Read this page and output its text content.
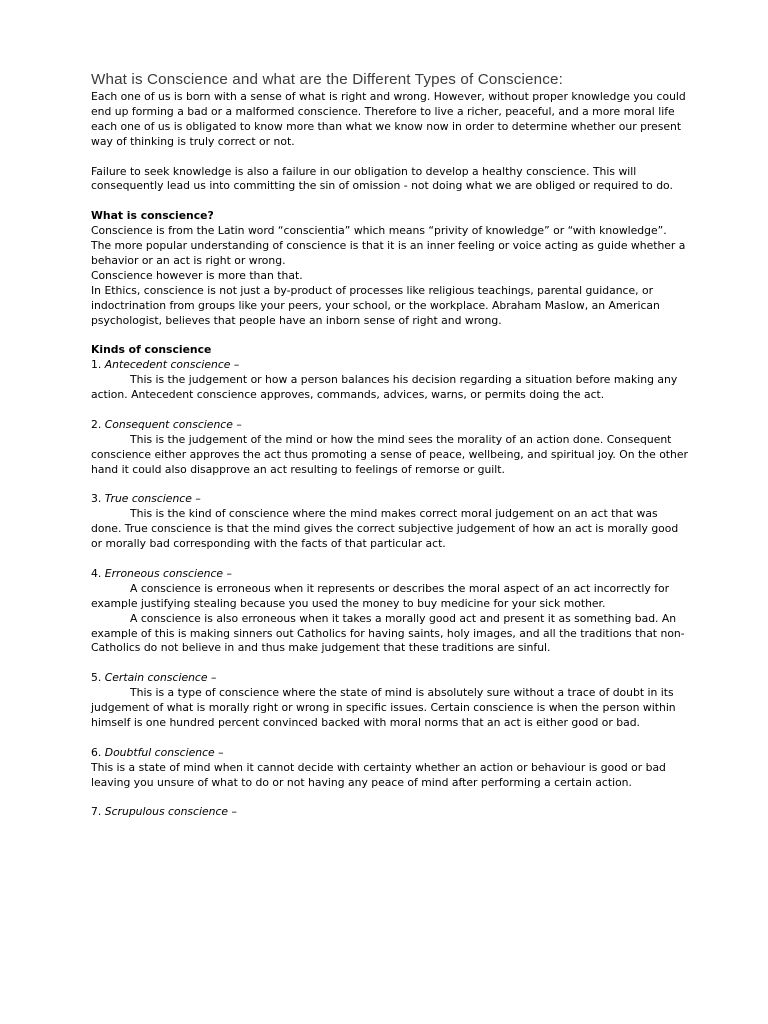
What is Conscience and what are the Different Types of Conscience:

Each one of us is born with a sense of what is right and wrong. However, without proper knowledge you could end up forming a bad or a malformed conscience. Therefore to live a richer, peaceful, and a more moral life each one of us is obligated to know more than what we know now in order to determine whether our present way of thinking is truly correct or not.

Failure to seek knowledge is also a failure in our obligation to develop a healthy conscience. This will consequently lead us into committing the sin of omission - not doing what we are obliged or required to do.

What is conscience?

Conscience is from the Latin word “conscientia” which means “privity of knowledge” or “with knowledge”. The more popular understanding of conscience is that it is an inner feeling or voice acting as guide whether a behavior or an act is right or wrong.

Conscience however is more than that.

In Ethics, conscience is not just a by-product of processes like religious teachings, parental guidance, or indoctrination from groups like your peers, your school, or the workplace. Abraham Maslow, an American psychologist, believes that people have an inborn sense of right and wrong.

Kinds of conscience

1. Antecedent conscience –

This is the judgement or how a person balances his decision regarding a situation before making any action. Antecedent conscience approves, commands, advices, warns, or permits doing the act.

2. Consequent conscience –

This is the judgement of the mind or how the mind sees the morality of an action done. Consequent conscience either approves the act thus promoting a sense of peace, wellbeing, and spiritual joy. On the other hand it could also disapprove an act resulting to feelings of remorse or guilt.

3. True conscience –

This is the kind of conscience where the mind makes correct moral judgement on an act that was done. True conscience is that the mind gives the correct subjective judgement of how an act is morally good or morally bad corresponding with the facts of that particular act.

4. Erroneous conscience –

A conscience is erroneous when it represents or describes the moral aspect of an act incorrectly for example justifying stealing because you used the money to buy medicine for your sick mother.

A conscience is also erroneous when it takes a morally good act and present it as something bad. An example of this is making sinners out Catholics for having saints, holy images, and all the traditions that non-Catholics do not believe in and thus make judgement that these traditions are sinful.

5. Certain conscience –

This is a type of conscience where the state of mind is absolutely sure without a trace of doubt in its judgement of what is morally right or wrong in specific issues. Certain conscience is when the person within himself is one hundred percent convinced backed with moral norms that an act is either good or bad.

6. Doubtful conscience –

This is a state of mind when it cannot decide with certainty whether an action or behaviour is good or bad leaving you unsure of what to do or not having any peace of mind after performing a certain action.

7. Scrupulous conscience –
